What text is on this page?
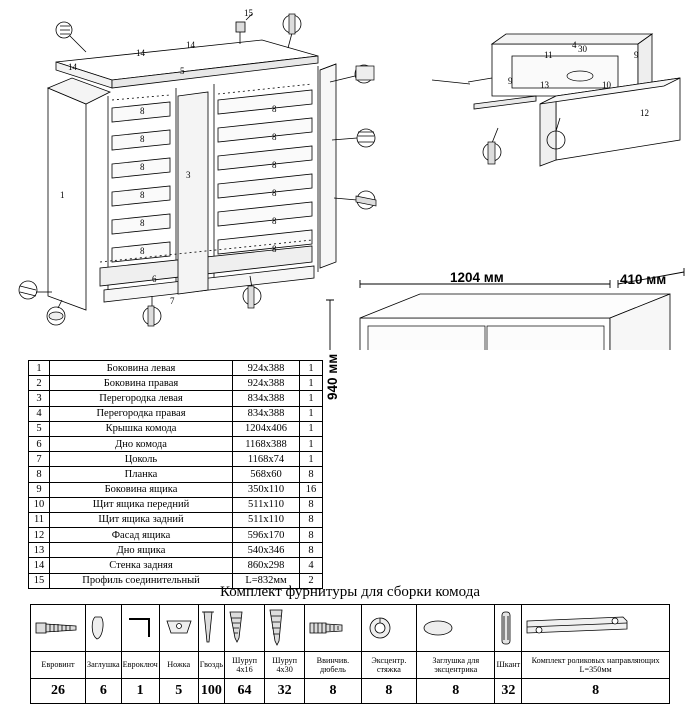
15
14
14
14
5
1
3
6
7
8
8
8
8
8
8
8
8
8
8
8
8
11
4 30
9
9
13	10
12
1204 мм	410 мм
940 мм
1	Боковина левая	924х388	1
2	Боковина правая	924х388	1
3	Перегородка левая	834х388	1
4	Перегородка правая	834х388	1
5	Крышка комода	1204х406	1
6	Дно комода	1168х388	1
7	Цоколь	1168х74	1
8	Планка	568х60	8
9	Боковина ящика	350х110	16
10	Щит ящика передний	511х110	8
11	Щит ящика задний	511х110	8
12	Фасад ящика	596х170	8
13	Дно ящика	540х346	8
14	Стенка задняя	860х298	4
15	Профиль соединительный	L=832мм	2
Комплект фурнитуры для сборки комода

Евровинт	Заглушка	Евроключ	Ножка	Гвоздь	Шуруп 4х16	Шуруп 4х30	Ввинчив. дюбель	Эксцентр. стяжка	Заглушка для эксцентрика	Шкант	Комплект роликовых направляющих L=350мм
26	6	1	5	100	64	32	8	8	8	32	8
